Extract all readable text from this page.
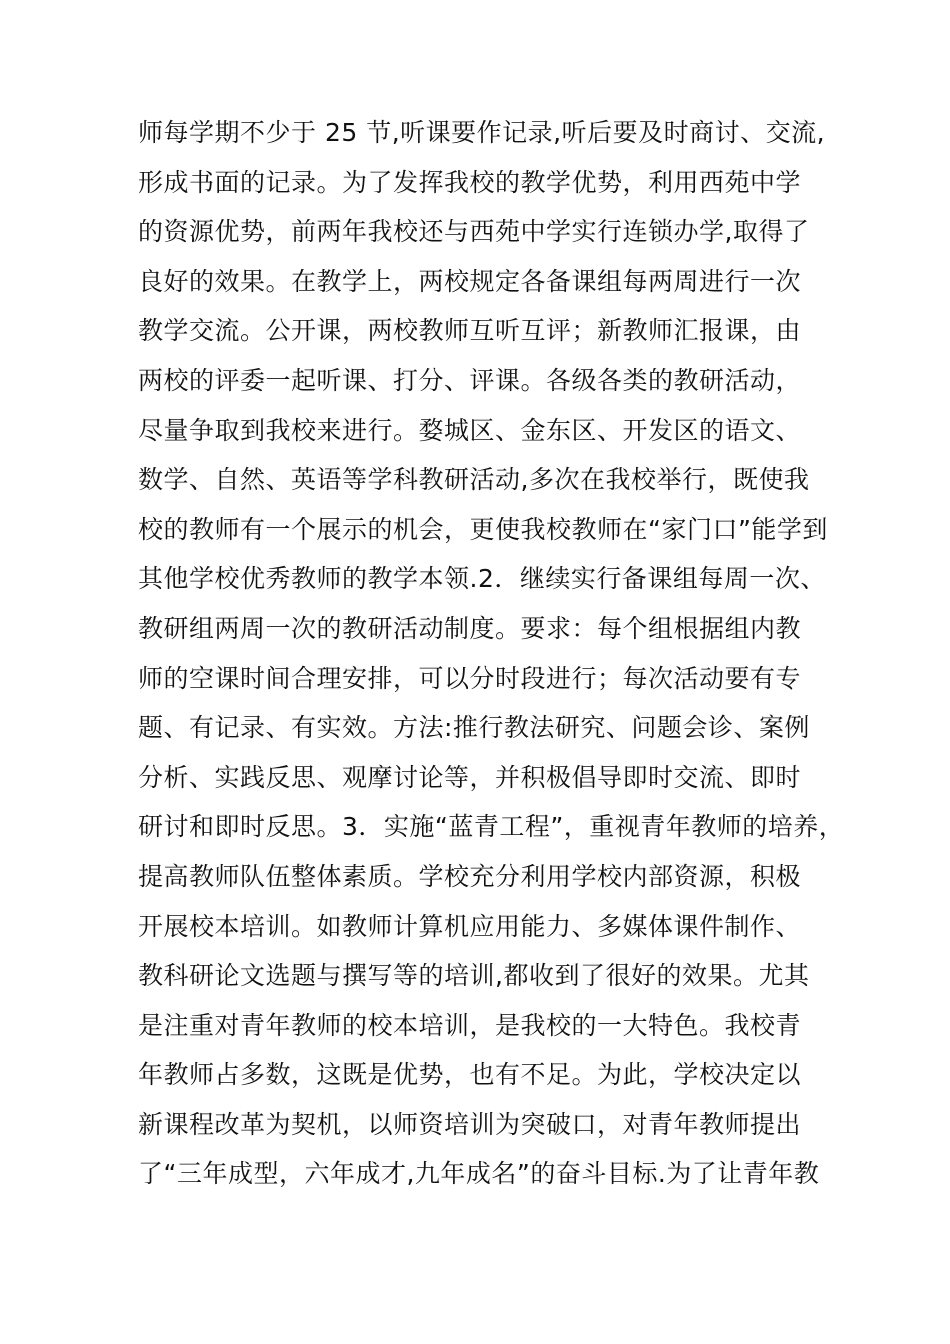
师每学期不少于 25 节,听课要作记录,听后要及时商讨、交流,
形成书面的记录。为了发挥我校的教学优势，利用西苑中学
的资源优势，前两年我校还与西苑中学实行连锁办学,取得了
良好的效果。在教学上，两校规定各备课组每两周进行一次
教学交流。公开课，两校教师互听互评；新教师汇报课，由
两校的评委一起听课、打分、评课。各级各类的教研活动，
尽量争取到我校来进行。婺城区、金东区、开发区的语文、
数学、自然、英语等学科教研活动,多次在我校举行，既使我
校的教师有一个展示的机会，更使我校教师在“家门口”能学到
其他学校优秀教师的教学本领.2．继续实行备课组每周一次、
教研组两周一次的教研活动制度。要求：每个组根据组内教
师的空课时间合理安排，可以分时段进行；每次活动要有专
题、有记录、有实效。方法:推行教法研究、问题会诊、案例
分析、实践反思、观摩讨论等，并积极倡导即时交流、即时
研讨和即时反思。3．实施“蓝青工程”，重视青年教师的培养，
提高教师队伍整体素质。学校充分利用学校内部资源，积极
开展校本培训。如教师计算机应用能力、多媒体课件制作、
教科研论文选题与撰写等的培训,都收到了很好的效果。尤其
是注重对青年教师的校本培训，是我校的一大特色。我校青
年教师占多数，这既是优势，也有不足。为此，学校决定以
新课程改革为契机，以师资培训为突破口，对青年教师提出
了“三年成型，六年成才,九年成名”的奋斗目标.为了让青年教
